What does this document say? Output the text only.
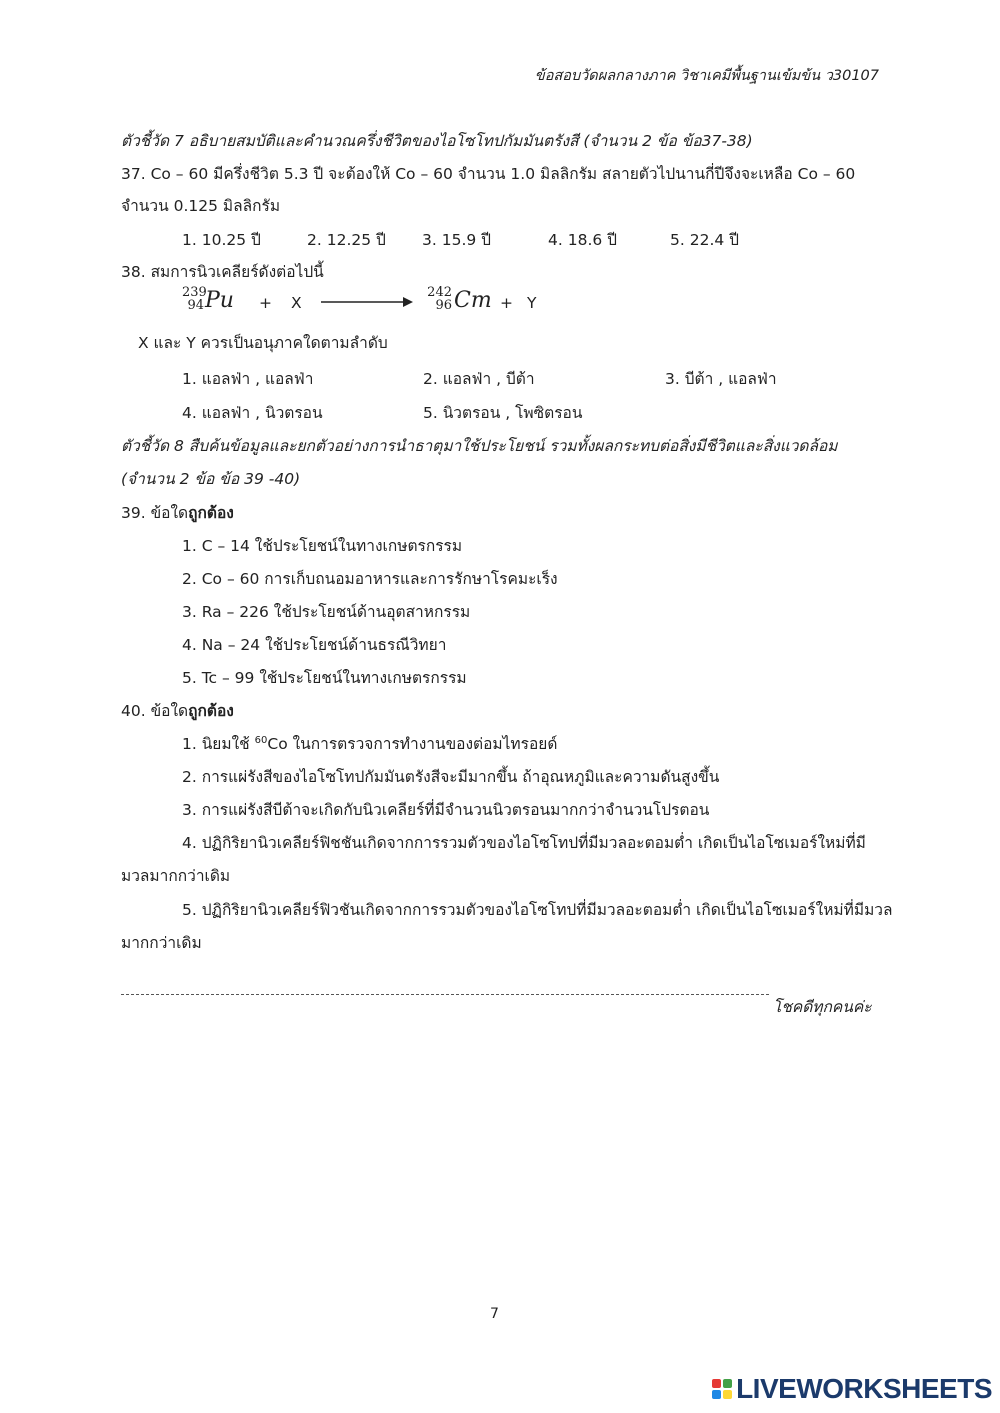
ข้อสอบวัดผลกลางภาค วิชาเคมีพื้นฐานเข้มข้น ว30107
ตัวชี้วัด 7 อธิบายสมบัติและคำนวณครึ่งชีวิตของไอโซโทปกัมมันตรังสี (จำนวน 2 ข้อ ข้อ37-38)
37. Co – 60 มีครึ่งชีวิต 5.3 ปี จะต้องให้ Co – 60 จำนวน 1.0 มิลลิกรัม สลายตัวไปนานกี่ปีจึงจะเหลือ Co – 60
จำนวน 0.125 มิลลิกรัม
1. 10.25 ปี	2. 12.25 ปี 3. 15.9 ปี	4. 18.6 ปี	5. 22.4 ปี
38. สมการนิวเคลียร์ดังต่อไปนี้
239
94 Pu + X
242
96 Cm + Y
X และ Y ควรเป็นอนุภาคใดตามลำดับ
1. แอลฟ่า , แอลฟ่า	2. แอลฟ่า , บีต้า	3. บีต้า , แอลฟ่า
4. แอลฟ่า , นิวตรอน	5. นิวตรอน , โพซิตรอน
ตัวชี้วัด 8 สืบค้นข้อมูลและยกตัวอย่างการนำธาตุมาใช้ประโยชน์ รวมทั้งผลกระทบต่อสิ่งมีชีวิตและสิ่งแวดล้อม
(จำนวน 2 ข้อ ข้อ 39 -40)
39. ข้อใดถูกต้อง
1. C – 14 ใช้ประโยชน์ในทางเกษตรกรรม
2. Co – 60 การเก็บถนอมอาหารและการรักษาโรคมะเร็ง
3. Ra – 226 ใช้ประโยชน์ด้านอุตสาหกรรม
4. Na – 24 ใช้ประโยชน์ด้านธรณีวิทยา
5. Tc – 99 ใช้ประโยชน์ในทางเกษตรกรรม
40. ข้อใดถูกต้อง
1. นิยมใช้ $^{60}$Co ในการตรวจการทำงานของต่อมไทรอยด์
2. การแผ่รังสีของไอโซโทปกัมมันตรังสีจะมีมากขึ้น ถ้าอุณหภูมิและความดันสูงขึ้น
3. การแผ่รังสีบีต้าจะเกิดกับนิวเคลียร์ที่มีจำนวนนิวตรอนมากกว่าจำนวนโปรตอน
4. ปฏิกิริยานิวเคลียร์ฟิชชันเกิดจากการรวมตัวของไอโซโทปที่มีมวลอะตอมต่ำ เกิดเป็นไอโซเมอร์ใหม่ที่มี
มวลมากกว่าเดิม
5. ปฏิกิริยานิวเคลียร์ฟิวชันเกิดจากการรวมตัวของไอโซโทปที่มีมวลอะตอมต่ำ เกิดเป็นไอโซเมอร์ใหม่ที่มีมวล
มากกว่าเดิม
โชคดีทุกคนค่ะ
7
LIVEWORKSHEETS
